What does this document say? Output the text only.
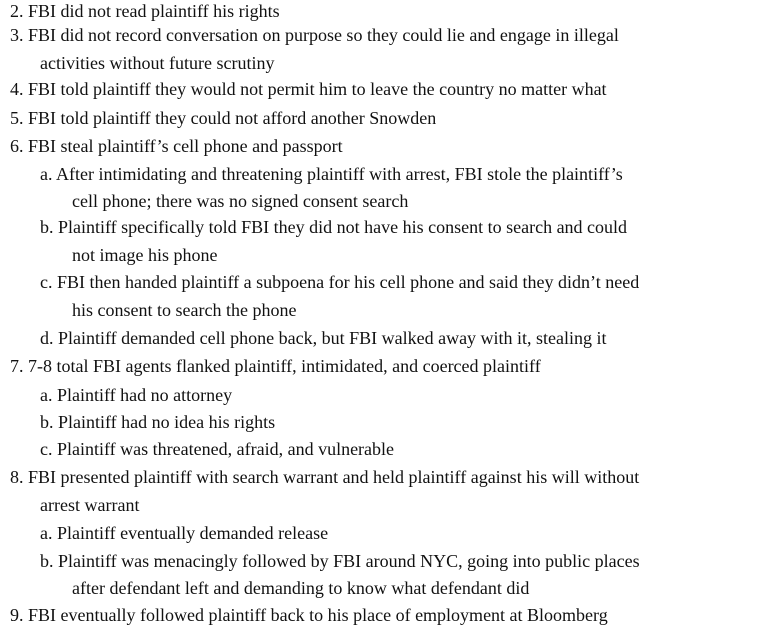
2. FBI did not read plaintiff his rights
3. FBI did not record conversation on purpose so they could lie and engage in illegal
activities without future scrutiny
4. FBI told plaintiff they would not permit him to leave the country no matter what
5. FBI told plaintiff they could not afford another Snowden
6. FBI steal plaintiff’s cell phone and passport
a. After intimidating and threatening plaintiff with arrest, FBI stole the plaintiff’s
cell phone; there was no signed consent search
b. Plaintiff specifically told FBI they did not have his consent to search and could
not image his phone
c. FBI then handed plaintiff a subpoena for his cell phone and said they didn’t need
his consent to search the phone
d. Plaintiff demanded cell phone back, but FBI walked away with it, stealing it
7. 7-8 total FBI agents flanked plaintiff, intimidated, and coerced plaintiff
a. Plaintiff had no attorney
b. Plaintiff had no idea his rights
c. Plaintiff was threatened, afraid, and vulnerable
8. FBI presented plaintiff with search warrant and held plaintiff against his will without
arrest warrant
a. Plaintiff eventually demanded release
b. Plaintiff was menacingly followed by FBI around NYC, going into public places
after defendant left and demanding to know what defendant did
9. FBI eventually followed plaintiff back to his place of employment at Bloomberg
